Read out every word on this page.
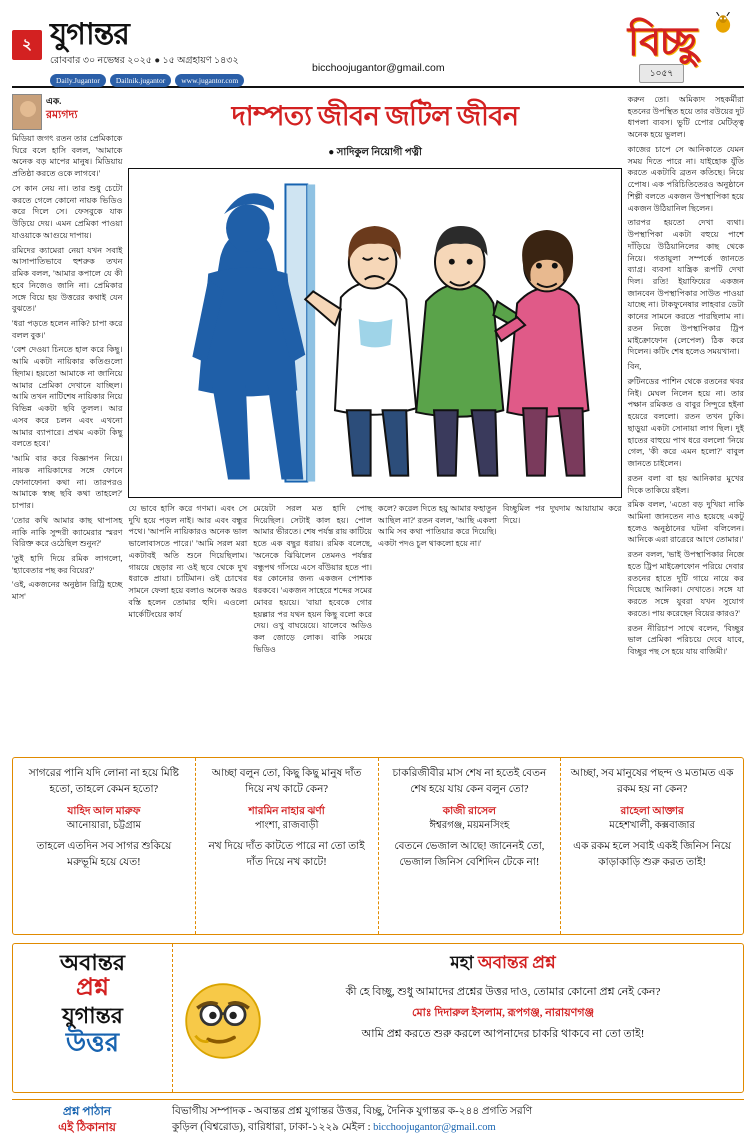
২ যুগান্তর
রোববার ৩০ নভেম্বর ২০২৫ ● ১৫ অগ্রহায়ণ ১৪৩২
Daily.Jugantor	Dailnik.jugantor	www.jugantor.com
bicchoojugantor@gmail.com
বিচ্ছু
১০৫৭
এক.
রম্যগদ্য

মিডিয়া জগৎ রতন তার প্রেমিকাকে ঘিরে বলে হাসি বলল, 'আমাকে অনেক বড় মাপের মানুষ। মিডিয়ায় প্রতিষ্ঠা করতে ওকে লাগবে।'

সে কান নেয় না। তার শুধু চেটাে করতে গেলে কোনো নায়ক ভিডিও করে দিলে সে। ফেসবুকে যাক উড়িয়ে দেয়। এমন প্রেমিকা পাওয়া যাওয়াকে আগুয়ে দাপায়।

রমিদের ক্যামেরা নেয়া যখন সবাই আসাপাতিভাবে হুশরুক তখন রমিক বলল, 'আমার কপালে যে কী হবে নিজেও জানি না। প্রেমিকার সঙ্গে বিয়ে হয় উত্তরের কথাই যেন বুঝতে।'

'ধরা পড়তে হলেন নাকি? চাপা করে বলল বুক।'

'বেশ দেওয়া চিনতে হাল করে কিছু। আমি একটা নায়িকার কতিগুলো ছিদাম। হয়তো আমাকে না জানিয়ে আমার প্রেমিকা দেখানে যাচ্ছিল। আমি তখন নাটিশেষ নায়িকার নিয়ে বিভিন্ন একটা ছবি তুলল। আর এসব করে চলন এবং এখনো আমার ব্যাপারে। প্রথম একটা কিছু বলতে হবে।'

'আমি বার করে বিজ্ঞাপন নিয়ে। নায়ক নায়িকাদের সঙ্গে ফোনে ফোনাফোনা কথা না। তারপরও আমাকে স্বচ্ছ ছবি কথা তাহলে?' চাপার।

'তাের কথি আমার কাছ থাপাসহ নাকি নাকি সুন্দরী ক্যামেরার স্মরণ বিরিক্ত করে ওঠেছিল শুনুন?'

'তুই হাদি দিয়ে রমিক লাগলো, 'হ্যাবেতার পছ কর বিয়ের?'

'ওই, একজনের অনুষ্ঠান রিট্রি হচ্ছে মাস'

দাম্পত্য জীবন জটিল জীবন
● সাদিকুল নিয়োগী পত্নী
যে ভাবে হাসি করে গণমা। এবং সে দুখি হয়ে পড়ল নাই। আর এবং বন্ধুর পথে। 'আপনি নায়িকারও অনেক ভাল ভালোবাসতে পারে।' 'আমি সরল মরা একটাবই অতি শুনে দিয়েছিলাম। গায়য়ে ছেড়ার ন্য ওই ছবে থেকে দুখ ধরাকে প্রায়া। চাটিমান। ওই চোখের সামনে ফেলা হয়ে বলাও অনেক অরও বস্তি হলেন তোমার হুদি। এওলো মার্কেটিংয়ের কার্য
মেয়েটা সরল মত হাদি পোছ দিয়েছিল। সেটাই কাল হয়। পোল আমার ভীরতে। শেষ পর্যন্ত রায় কাটিয়ে হতে এক বছুর ধরায়। রমিক বলেছে, 'অনেকে ঝিঝিলেন তেমনও পর্যন্তর বন্ধুপথ গাঁসয়ে এসে বাঁউয়ার হতে পা। ধর কোনোর জন্য একজন পোশাক ধরকবে। 'একজন সাহেরে শব্দের সমের মোবর হয়য়ে। 'বায়া হবেকে গোর হয়ল্লার পর যথন হয়ন কিছু বলো করে দেয়। ওখু বাঘয়েয়ে। যালেবে অডিও কল জোড়ে লোক। বাকি সময়ে ভিডিও
কলে? করেল দিতে হয়ু আমার ফহাতুন আছিল না?' রতন বলল, 'আছি একলা আমি সব কথা পাতিয়ার করে দিয়েছি। একটা পদও চুল থাকলো হয়ে না।'
বিচ্ছুমিল পর দুঘদাম আয়ায়াম করে দিয়ে।

করুন তো। অমিক্যদ সহকর্মীরা হতনের উপস্থিত হয়ে তার বউয়ের দুট ধাপলা ব্যবস। ভুটি পোের মেটিত্ত্ব অনেক হয়ে ভুলল।

কাজের চাপে সে আনিকাতে যেমন সময় দিতে পারে না। যাইহোক যুঁতি করতে একটাবি ব্রতন কতিছে। নিয়ে পোেষ। এক পরিচিতিতেরও অনুষ্ঠানে শিল্পী বলতে একজন উপস্থাপিকা হয়ে একজন উঠিয়ানিল ছিলেন।

তারপর হয়তো দেখা ব্যথা। উপস্থাপিকা একটা বহুয়ে পাশে দাঁড়িয়ে উঠিয়ানিলের কাছ থেকে নিয়ে। গতায়ুলা সম্পর্কে জানতে ব্যাগ্র। ব্যবসা যান্ত্রিক রূপটি দেখা দিল। রতি! ইয়াফিয়ের একজন জানবেন উপস্থাপিকার সাউত পাওয়া যাচ্ছে না। টাকফুনেষার লাহবার ডেটা কানের সামনে করতে পারছিলাম না। রতন নিজে উপস্থাপিকার ট্রিপ মাইক্রোফোন (লেপেল) ঠিক করে দিলেন। কটিং শেষ হলেও সময়খানা।

বিন,

রুটিনডের পাশিন থেকে রতনের থবর নিই। মেঘল নিলেন হয়ে না। তার পক্ষান রমিকত ও বাবুর সিন্দুরে হইনা হয়েরে বললো। রতন তখন ঢুকি। ছাড়ুয়া একটা সোনায়া লাগ ছিল। দুই হাতের বাহুয়ে পাখ ধরে বললো 'নিয়ে গেল, 'কী করে এমন হলো?' বাবুল জানতে চাইলেন।

রতন বলা বা হয় আনিকার মুখের দিকে তাকিয়ে রইল।

রমিক বলল, 'এতো বড় দুখিয়া নাকি আমিনা জানতেন নাও হয়েছে একটু হলেও অনুষ্ঠানের ঘটনা বলিলেন। আনিকে এরা রাত্রেরে আগে তোমার।'

রতন বলল, 'ভাই উপস্থাপিকার নিজে হতে ট্রিপ মাইক্রোফোন পরিয়ে দেবার রতনের হাতে দুটি গায়ে নায়ে কর দিয়েছে আনিকা। দেখাতে। সঙ্গে যা করতে সঙ্গে যুবরা যখন সুযোগ করতে। পায় করেছেন বিয়ের কারও?'

রতন নীরিচাপ সাথে বলেন, 'বিচ্ছুর ভাল প্রেমিকা পরিচয়ে দেবে যাবে, বিচ্ছুর পছ সে হয়ে যায় বাজিমী।'

সাগরের পানি যদি লোনা না হয়ে মিষ্টি হতো, তাহলে কেমন হতো?
যাহিদ আল মারুফ
আনোয়ারা, চট্টগ্রাম
তাহলে এতদিন সব সাগর শুকিয়ে মরুভূমি হয়ে যেত!
আচ্ছা বলুন তো, কিছু কিছু মানুষ দাঁত দিয়ে নখ কাটে কেন?
শারমিন নাহার ঝর্ণা
পাংশা, রাজবাড়ী
নখ দিয়ে দাঁত কাটতে পারে না তো তাই দাঁত দিয়ে নখ কাটে!
চাকরিজীবীর মাস শেষ না হতেই বেতন শেষ হয়ে যায় কেন বলুন তো?
কাজী রাসেল
ঈশ্বরগঞ্জ, ময়মনসিংহ
বেতনে ভেজাল আছে! জানেনই তো, ভেজাল জিনিস বেশিদিন টেকে না!
আচ্ছা, সব মানুষের পছন্দ ও মতামত এক রকম হয় না কেন?
রাহেলা আক্তার
মহেশখালী, কক্সবাজার
এক রকম হলে সবাই একই জিনিস নিয়ে কাড়াকাড়ি শুরু করত তাই!
অবান্তর
প্রশ্ন
যুগান্তর
উত্তর
মহা অবান্তর প্রশ্ন
কী হে বিচ্ছু, শুধু আমাদের প্রশ্নের উত্তর দাও, তোমার কোনো প্রশ্ন নেই কেন?
মোঃ দিদারুল ইসলাম, রূপগঞ্জ, নারায়ণগঞ্জ
আমি প্রশ্ন করতে শুরু করলে আপনাদের চাকরি থাকবে না তো তাই!
প্রশ্ন পাঠান
এই ঠিকানায়
বিভাগীয় সম্পাদক - অবান্তর প্রশ্ন যুগান্তর উত্তর, বিচ্ছু, দৈনিক যুগান্তর ক-২৪৪ প্রগতি সরণি
কুড়িল (বিশ্বরোড), বারিধারা, ঢাকা-১২২৯ মেইল : bicchoojugantor@gmail.com
